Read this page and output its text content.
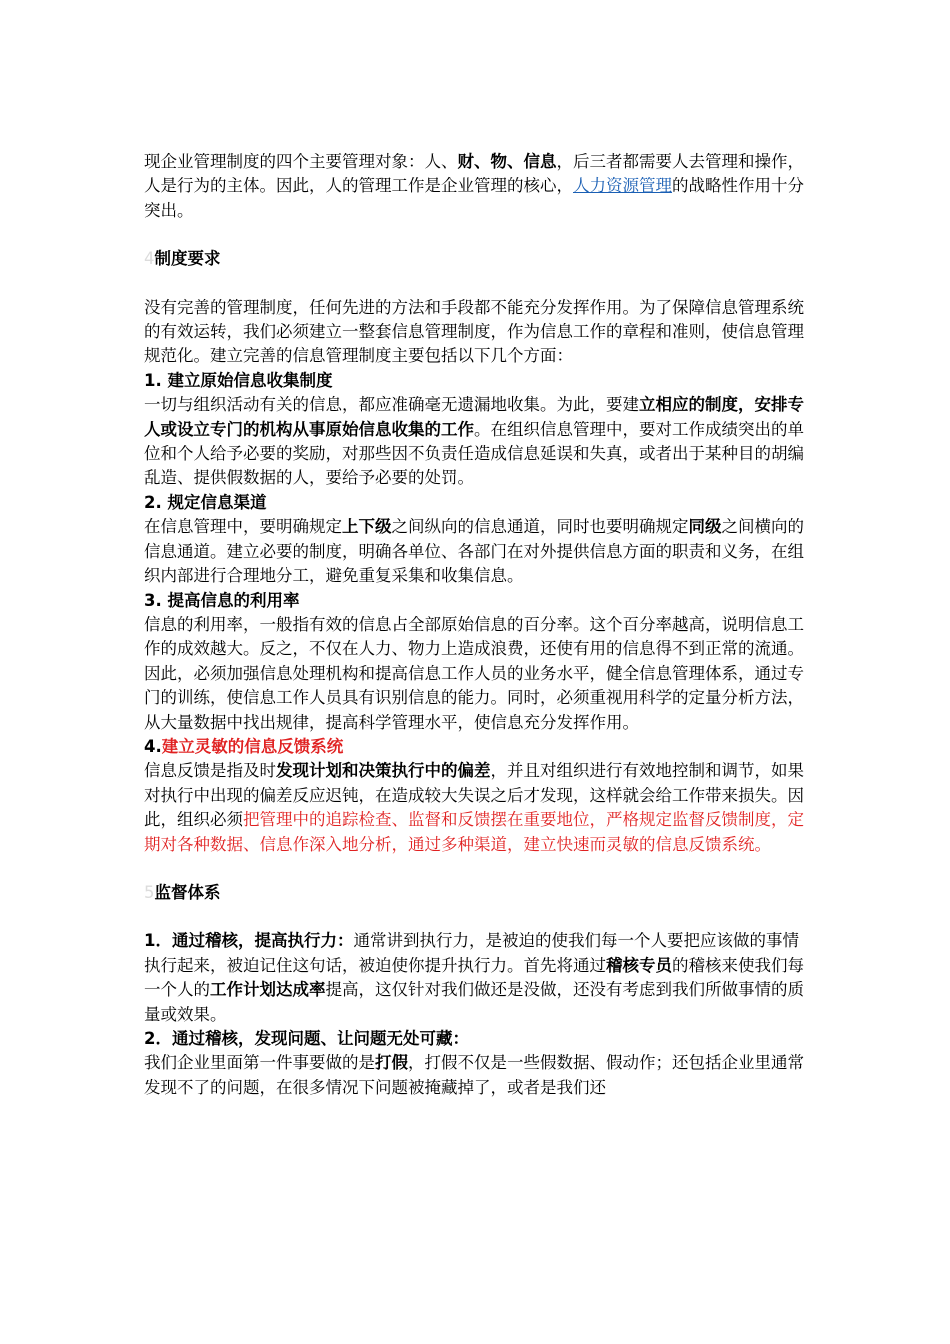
现企业管理制度的四个主要管理对象：人、财、物、信息，后三者都需要人去管理和操作，人是行为的主体。因此，人的管理工作是企业管理的核心，人力资源管理的战略性作用十分突出。

4制度要求

没有完善的管理制度，任何先进的方法和手段都不能充分发挥作用。为了保障信息管理系统的有效运转，我们必须建立一整套信息管理制度，作为信息工作的章程和准则，使信息管理规范化。建立完善的信息管理制度主要包括以下几个方面：

1. 建立原始信息收集制度

一切与组织活动有关的信息，都应准确毫无遗漏地收集。为此，要建立相应的制度，安排专人或设立专门的机构从事原始信息收集的工作。在组织信息管理中，要对工作成绩突出的单位和个人给予必要的奖励，对那些因不负责任造成信息延误和失真，或者出于某种目的胡编乱造、提供假数据的人，要给予必要的处罚。

2. 规定信息渠道

在信息管理中，要明确规定上下级之间纵向的信息通道，同时也要明确规定同级之间横向的信息通道。建立必要的制度，明确各单位、各部门在对外提供信息方面的职责和义务，在组织内部进行合理地分工，避免重复采集和收集信息。

3. 提高信息的利用率

信息的利用率，一般指有效的信息占全部原始信息的百分率。这个百分率越高，说明信息工作的成效越大。反之，不仅在人力、物力上造成浪费，还使有用的信息得不到正常的流通。因此，必须加强信息处理机构和提高信息工作人员的业务水平，健全信息管理体系，通过专门的训练，使信息工作人员具有识别信息的能力。同时，必须重视用科学的定量分析方法，从大量数据中找出规律，提高科学管理水平，使信息充分发挥作用。

4.建立灵敏的信息反馈系统

信息反馈是指及时发现计划和决策执行中的偏差，并且对组织进行有效地控制和调节，如果对执行中出现的偏差反应迟钝，在造成较大失误之后才发现，这样就会给工作带来损失。因此，组织必须把管理中的追踪检查、监督和反馈摆在重要地位，严格规定监督反馈制度，定期对各种数据、信息作深入地分析，通过多种渠道，建立快速而灵敏的信息反馈系统。

5监督体系

1．通过稽核，提高执行力：通常讲到执行力，是被迫的使我们每一个人要把应该做的事情执行起来，被迫记住这句话，被迫使你提升执行力。首先将通过稽核专员的稽核来使我们每一个人的工作计划达成率提高，这仅针对我们做还是没做，还没有考虑到我们所做事情的质量或效果。

2．通过稽核，发现问题、让问题无处可藏：

我们企业里面第一件事要做的是打假，打假不仅是一些假数据、假动作；还包括企业里通常发现不了的问题，在很多情况下问题被掩藏掉了，或者是我们还
